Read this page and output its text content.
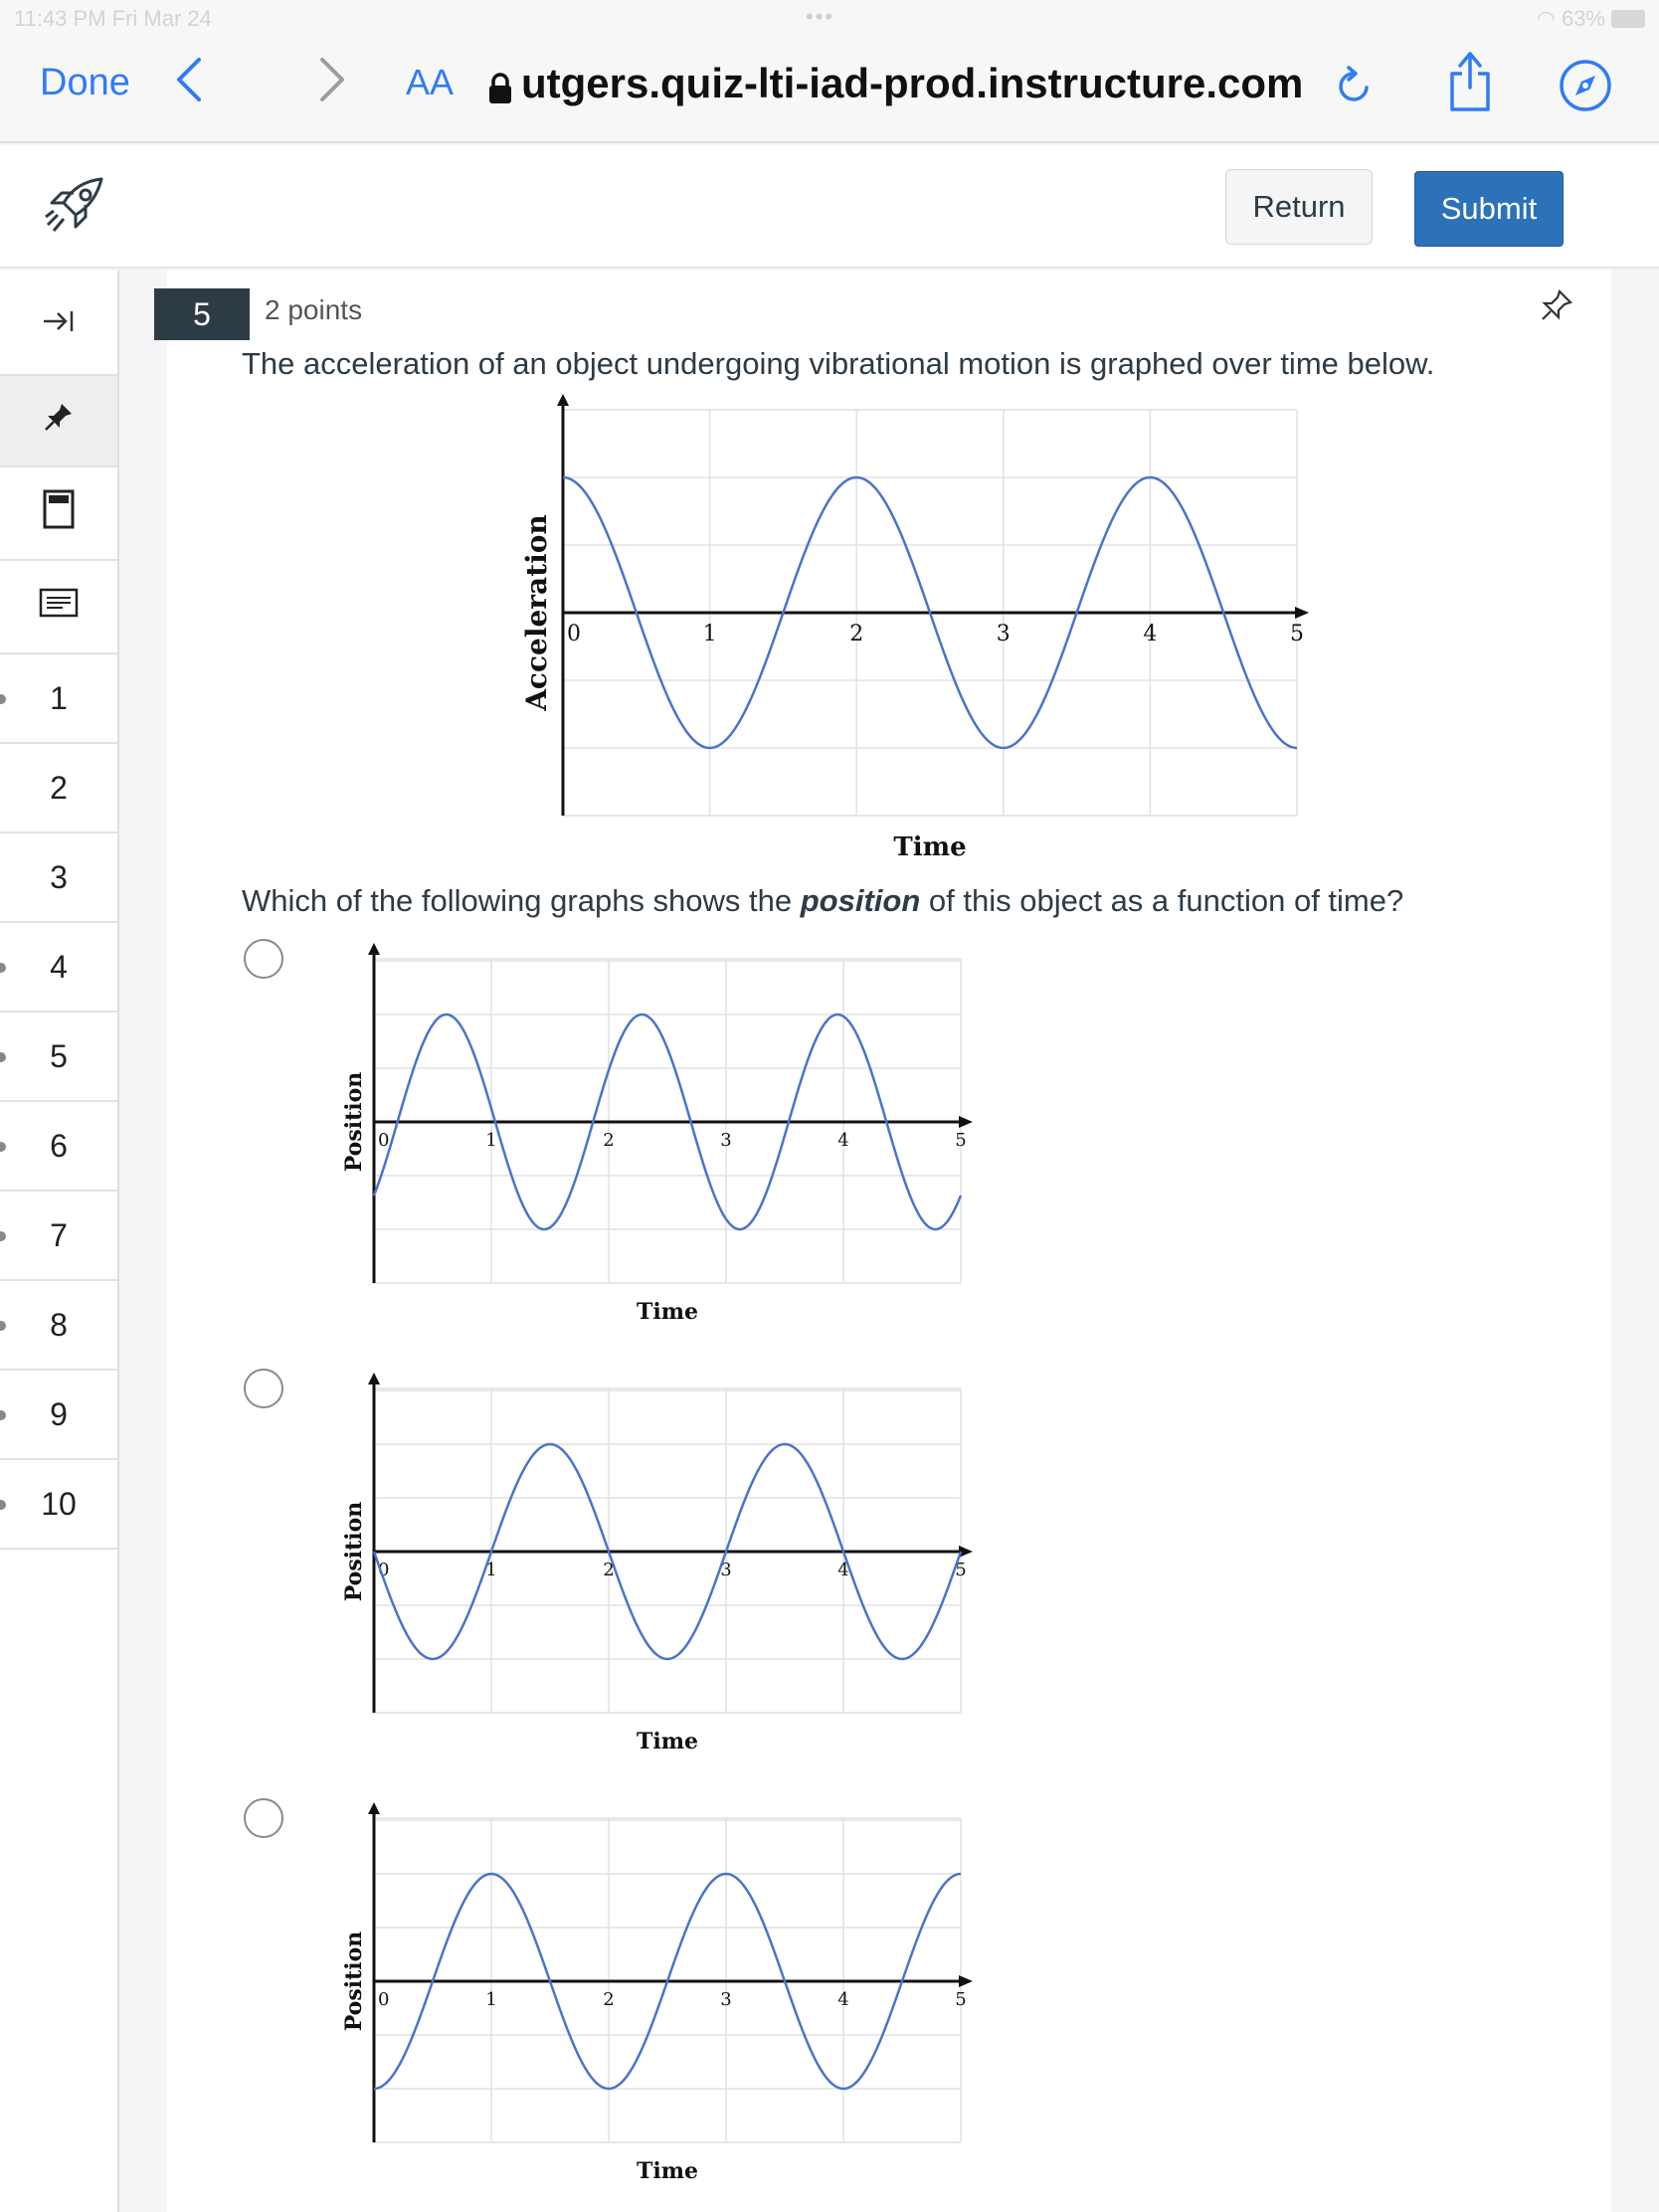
11:43 PM Fri Mar 24	•••	◠ 63%
Done	AA utgers.quiz-lti-iad-prod.instructure.com
Return	Submit
1
2
3
4
5
6
7
8
9
10
5	2 points
The acceleration of an object undergoing vibrational motion is graphed over time below.
0	1	2	3	4	5
Time
Acceleration
Which of the following graphs shows the position of this object as a function of time?
0	1	2	3	4	5
Time
Position
0	1	2	3	4	5
Time
Position
0	1	2	3	4	5
Time
Position
